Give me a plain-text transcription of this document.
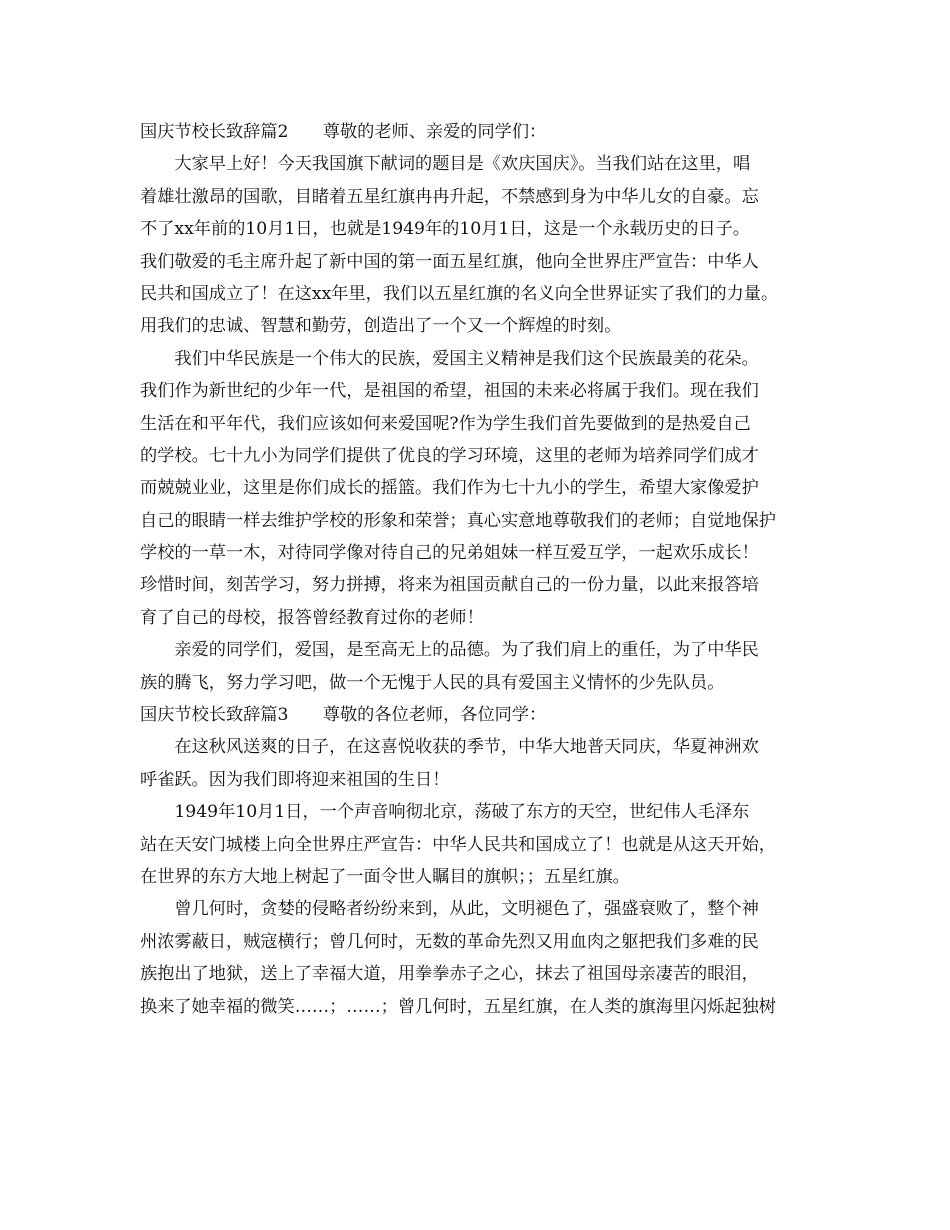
国庆节校长致辞篇2　　尊敬的老师、亲爱的同学们：
　　大家早上好！今天我国旗下献词的题目是《欢庆国庆》。当我们站在这里，唱
着雄壮激昂的国歌，目睹着五星红旗冉冉升起，不禁感到身为中华儿女的自豪。忘
不了xx年前的10月1日，也就是1949年的10月1日，这是一个永载历史的日子。
我们敬爱的毛主席升起了新中国的第一面五星红旗，他向全世界庄严宣告：中华人
民共和国成立了！在这xx年里，我们以五星红旗的名义向全世界证实了我们的力量。
用我们的忠诚、智慧和勤劳，创造出了一个又一个辉煌的时刻。
　　我们中华民族是一个伟大的民族，爱国主义精神是我们这个民族最美的花朵。
我们作为新世纪的少年一代，是祖国的希望，祖国的未来必将属于我们。现在我们
生活在和平年代，我们应该如何来爱国呢?作为学生我们首先要做到的是热爱自己
的学校。七十九小为同学们提供了优良的学习环境，这里的老师为培养同学们成才
而兢兢业业，这里是你们成长的摇篮。我们作为七十九小的学生，希望大家像爱护
自己的眼睛一样去维护学校的形象和荣誉；真心实意地尊敬我们的老师；自觉地保护
学校的一草一木，对待同学像对待自己的兄弟姐妹一样互爱互学，一起欢乐成长！
珍惜时间，刻苦学习，努力拼搏，将来为祖国贡献自己的一份力量，以此来报答培
育了自己的母校，报答曾经教育过你的老师！
　　亲爱的同学们，爱国，是至高无上的品德。为了我们肩上的重任，为了中华民
族的腾飞，努力学习吧，做一个无愧于人民的具有爱国主义情怀的少先队员。
国庆节校长致辞篇3　　尊敬的各位老师，各位同学：
　　在这秋风送爽的日子，在这喜悦收获的季节，中华大地普天同庆，华夏神洲欢
呼雀跃。因为我们即将迎来祖国的生日！
　　1949年10月1日，一个声音响彻北京，荡破了东方的天空，世纪伟人毛泽东
站在天安门城楼上向全世界庄严宣告：中华人民共和国成立了！也就是从这天开始，
在世界的东方大地上树起了一面令世人瞩目的旗帜；；五星红旗。
　　曾几何时，贪婪的侵略者纷纷来到，从此，文明褪色了，强盛衰败了，整个神
州浓雾蔽日，贼寇横行；曾几何时，无数的革命先烈又用血肉之躯把我们多难的民
族抱出了地狱，送上了幸福大道，用拳拳赤子之心，抹去了祖国母亲凄苦的眼泪，
换来了她幸福的微笑……；……；曾几何时，五星红旗，在人类的旗海里闪烁起独树
